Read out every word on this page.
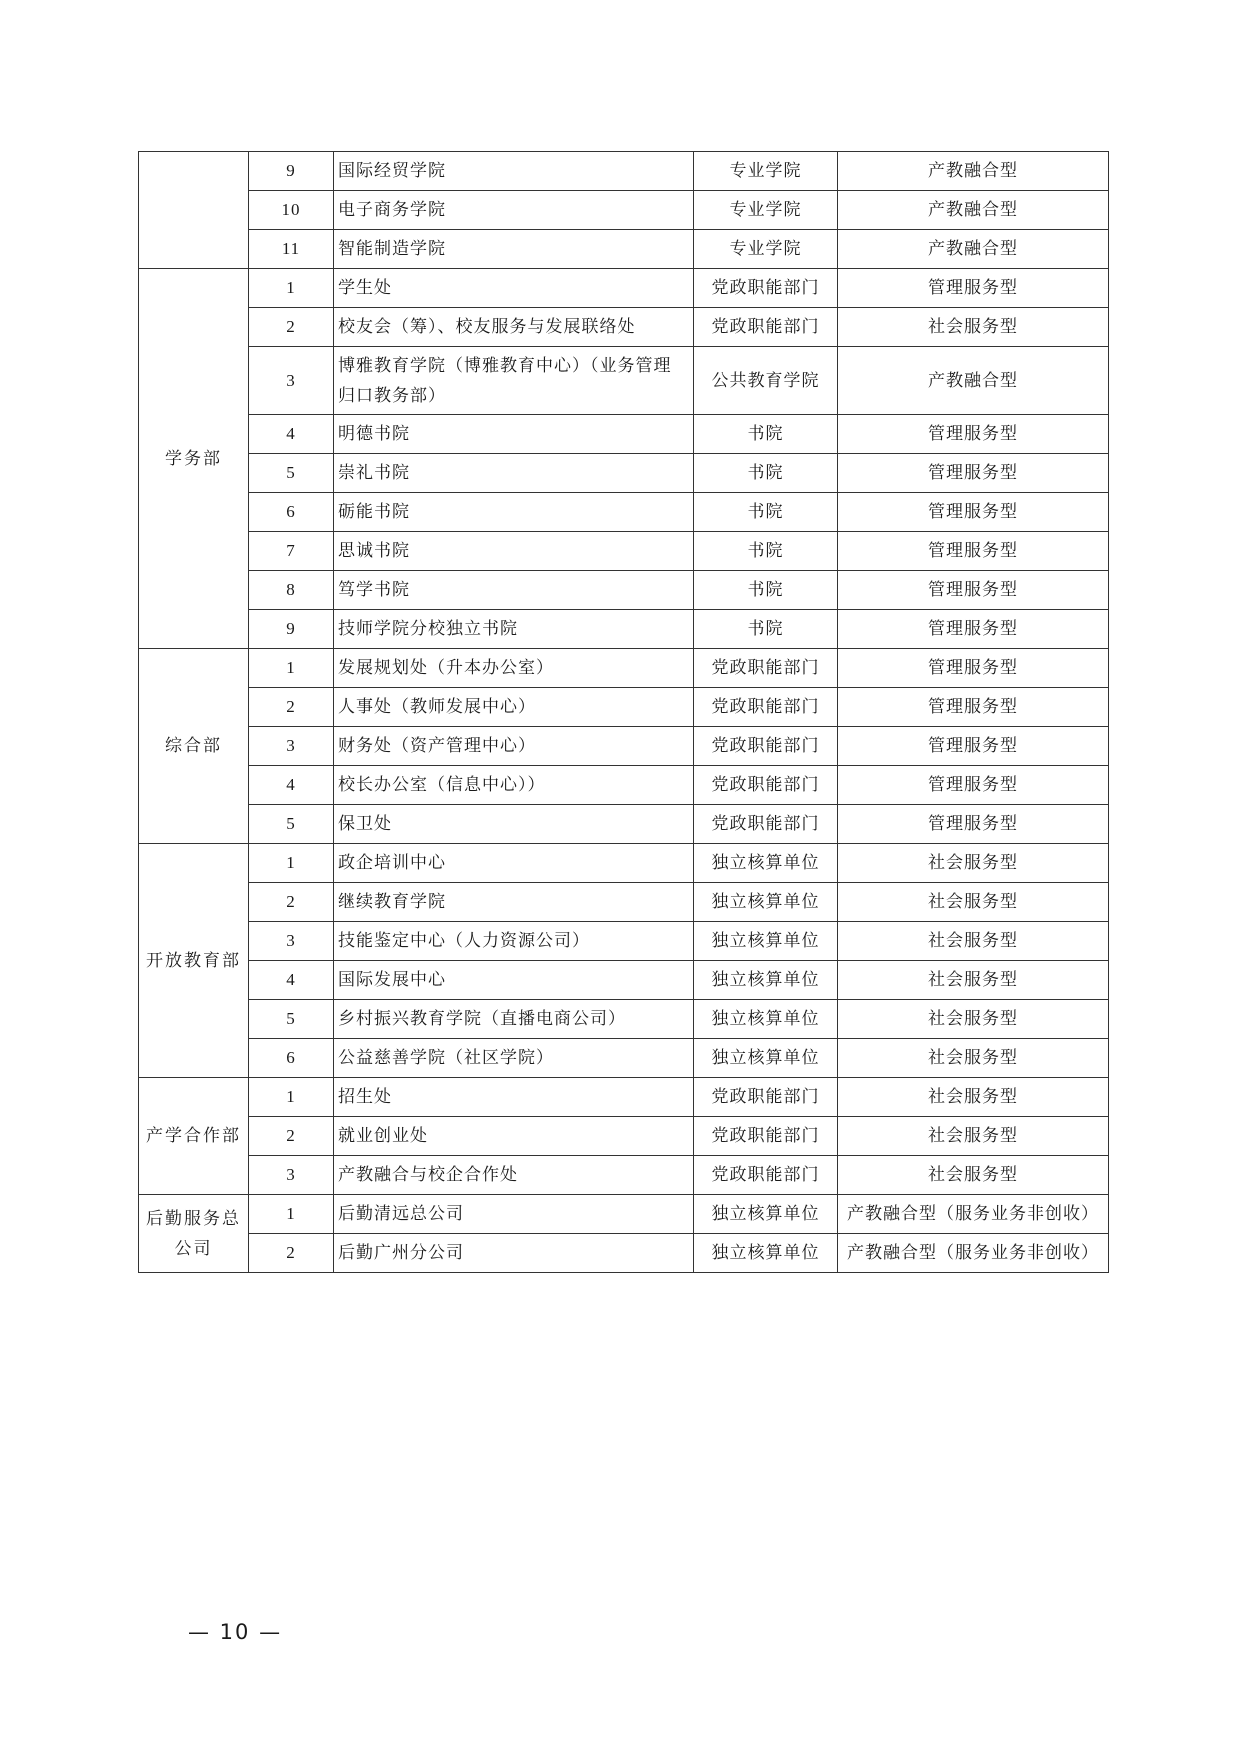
	9	国际经贸学院	专业学院	产教融合型
	10	电子商务学院	专业学院	产教融合型
	11	智能制造学院	专业学院	产教融合型
学务部	1	学生处	党政职能部门	管理服务型
	2	校友会（筹）、校友服务与发展联络处	党政职能部门	社会服务型
	3	博雅教育学院（博雅教育中心）（业务管理归口教务部）	公共教育学院	产教融合型
	4	明德书院	书院	管理服务型
	5	崇礼书院	书院	管理服务型
	6	砺能书院	书院	管理服务型
	7	思诚书院	书院	管理服务型
	8	笃学书院	书院	管理服务型
	9	技师学院分校独立书院	书院	管理服务型
综合部	1	发展规划处（升本办公室）	党政职能部门	管理服务型
	2	人事处（教师发展中心）	党政职能部门	管理服务型
	3	财务处（资产管理中心）	党政职能部门	管理服务型
	4	校长办公室（信息中心））	党政职能部门	管理服务型
	5	保卫处	党政职能部门	管理服务型
开放教育部	1	政企培训中心	独立核算单位	社会服务型
	2	继续教育学院	独立核算单位	社会服务型
	3	技能鉴定中心（人力资源公司）	独立核算单位	社会服务型
	4	国际发展中心	独立核算单位	社会服务型
	5	乡村振兴教育学院（直播电商公司）	独立核算单位	社会服务型
	6	公益慈善学院（社区学院）	独立核算单位	社会服务型
产学合作部	1	招生处	党政职能部门	社会服务型
	2	就业创业处	党政职能部门	社会服务型
	3	产教融合与校企合作处	党政职能部门	社会服务型
后勤服务总
公司	1	后勤清远总公司	独立核算单位	产教融合型（服务业务非创收）
	2	后勤广州分公司	独立核算单位	产教融合型（服务业务非创收）
— 10 —
